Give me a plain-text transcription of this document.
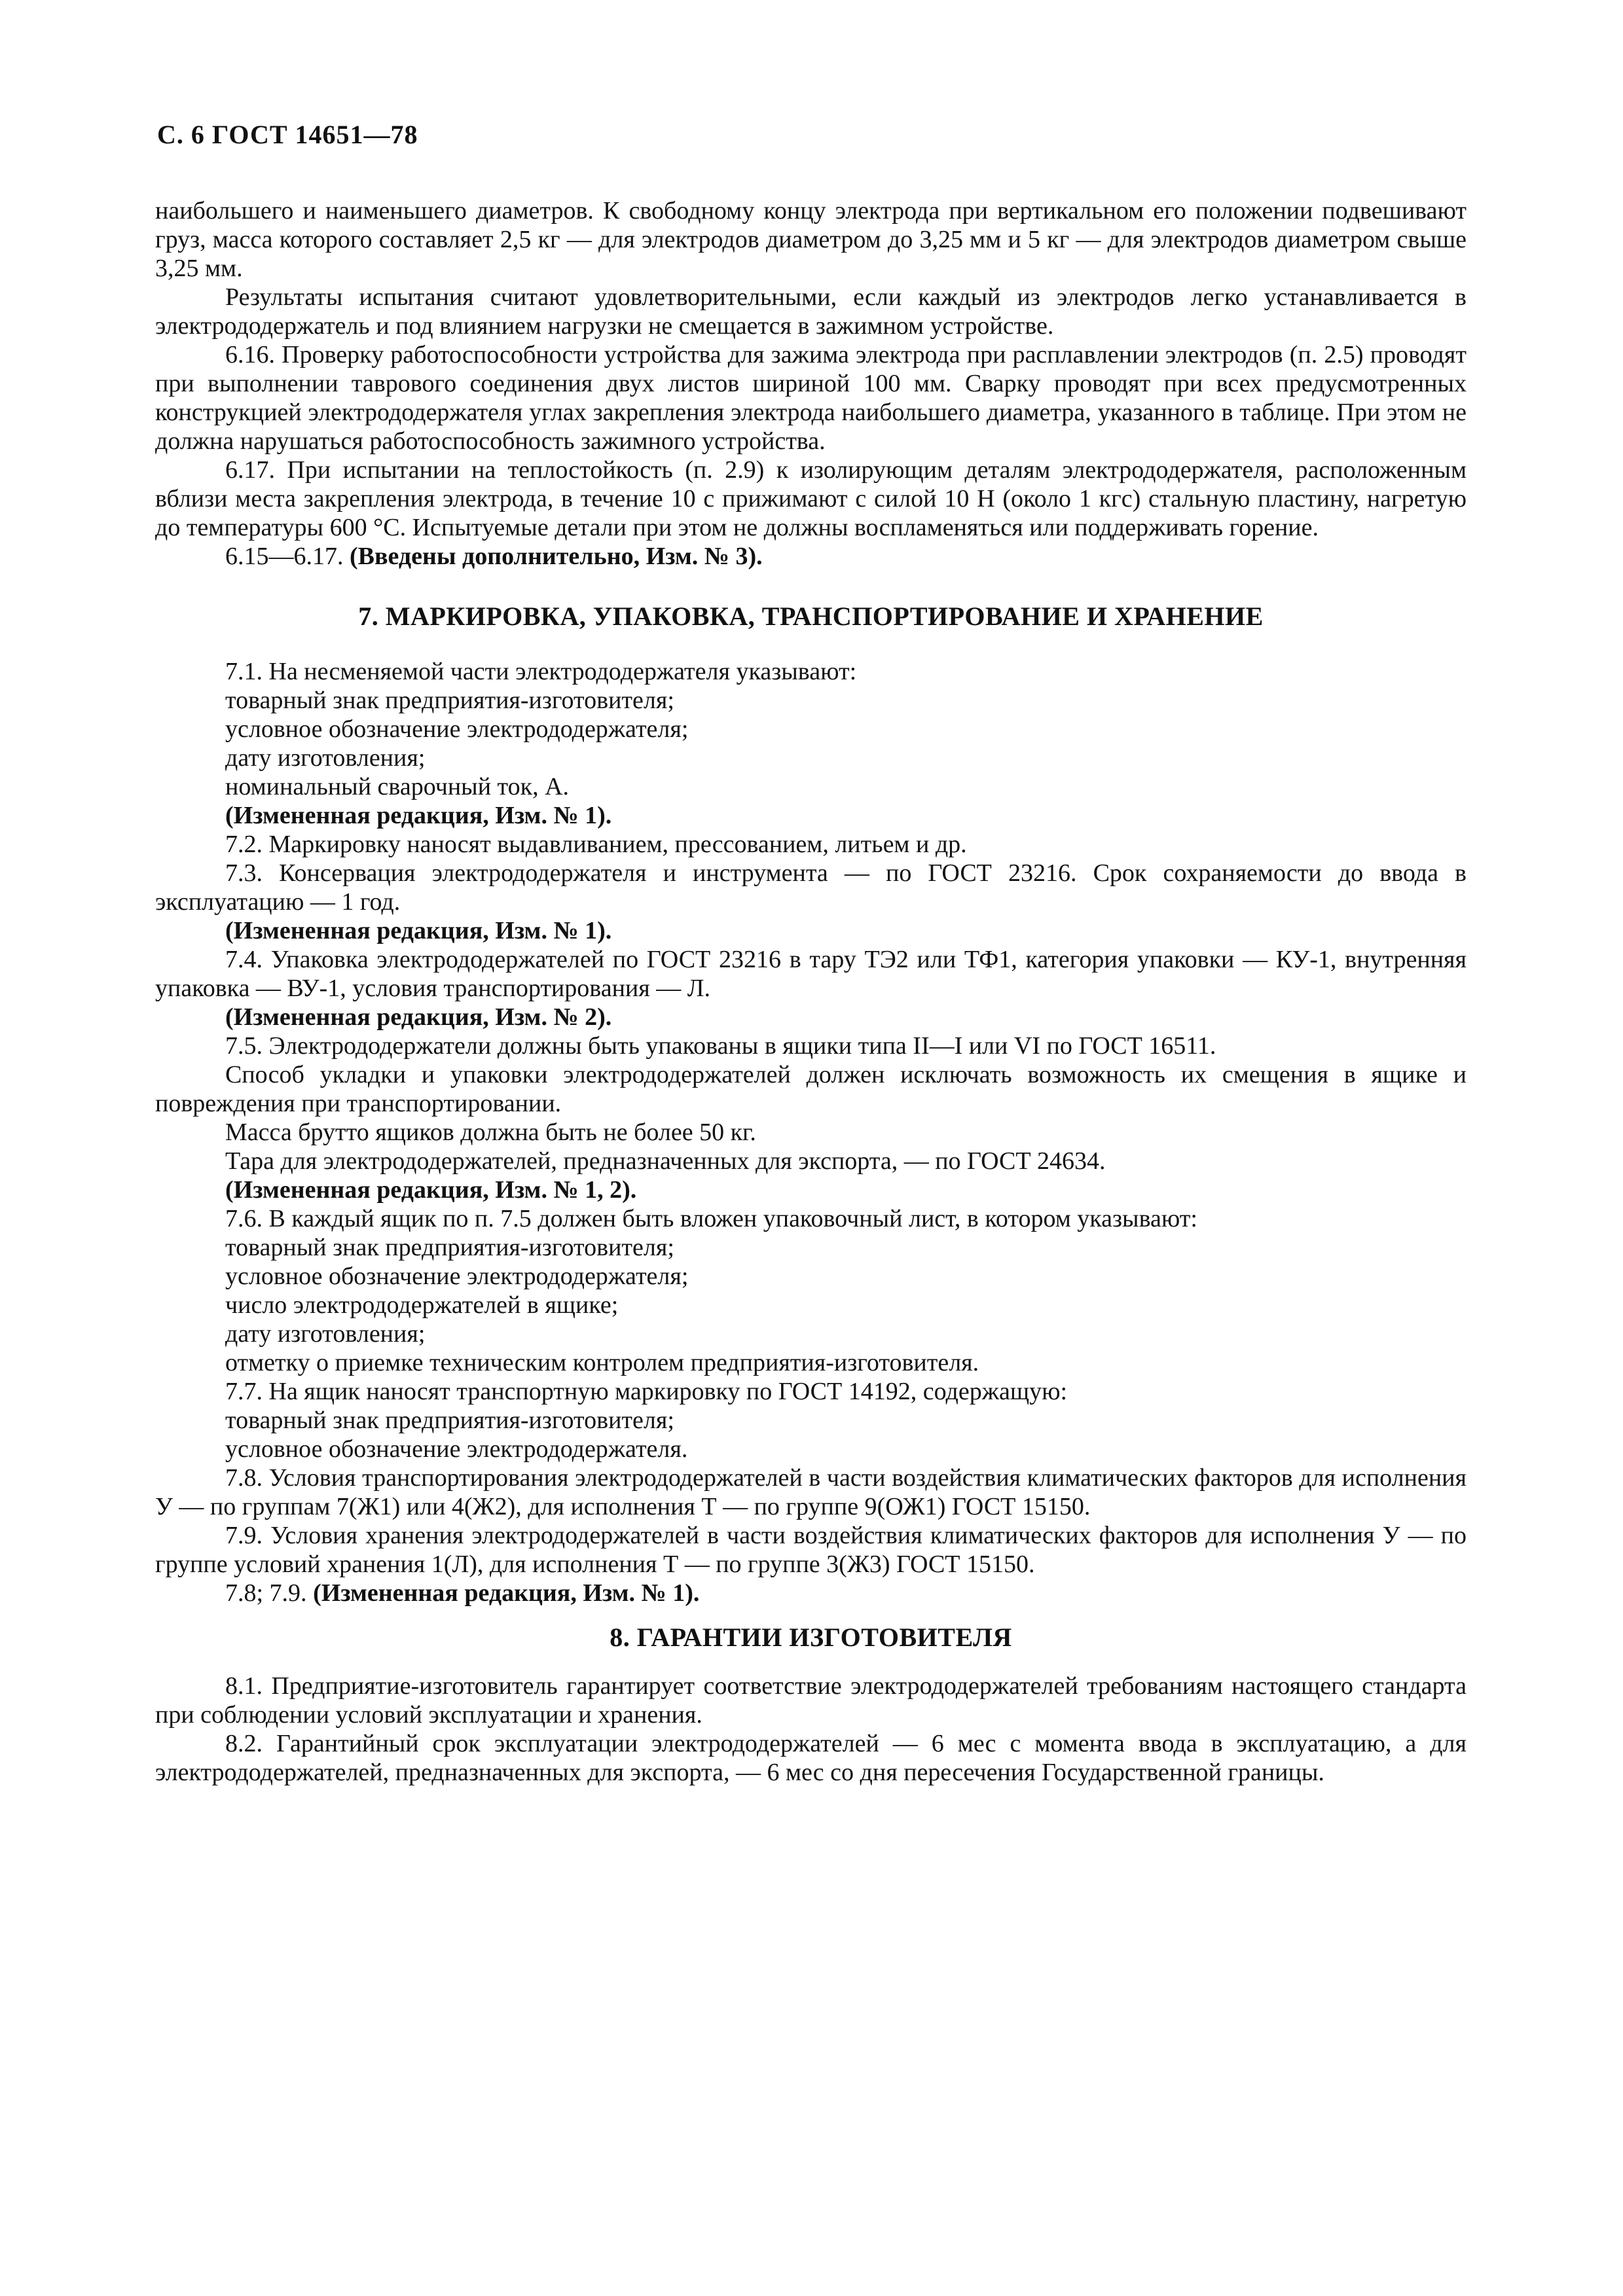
С. 6 ГОСТ 14651—78

наибольшего и наименьшего диаметров. К свободному концу электрода при вертикальном его положении подвешивают груз, масса которого составляет 2,5 кг — для электродов диаметром до 3,25 мм и 5 кг — для электродов диаметром свыше 3,25 мм.

Результаты испытания считают удовлетворительными, если каждый из электродов легко устанавливается в электрододержатель и под влиянием нагрузки не смещается в зажимном устройстве.

6.16. Проверку работоспособности устройства для зажима электрода при расплавлении электродов (п. 2.5) проводят при выполнении таврового соединения двух листов шириной 100 мм. Сварку проводят при всех предусмотренных конструкцией электрододержателя углах закрепления электрода наибольшего диаметра, указанного в таблице. При этом не должна нарушаться работоспособность зажимного устройства.

6.17. При испытании на теплостойкость (п. 2.9) к изолирующим деталям электрододержателя, расположенным вблизи места закрепления электрода, в течение 10 с прижимают с силой 10 Н (около 1 кгс) стальную пластину, нагретую до температуры 600 °С. Испытуемые детали при этом не должны воспламеняться или поддерживать горение.

6.15—6.17. (Введены дополнительно, Изм. № 3).

7. МАРКИРОВКА, УПАКОВКА, ТРАНСПОРТИРОВАНИЕ И ХРАНЕНИЕ

7.1. На несменяемой части электрододержателя указывают:

товарный знак предприятия-изготовителя;

условное обозначение электрододержателя;

дату изготовления;

номинальный сварочный ток, А.

(Измененная редакция, Изм. № 1).

7.2. Маркировку наносят выдавливанием, прессованием, литьем и др.

7.3. Консервация электрододержателя и инструмента — по ГОСТ 23216. Срок сохраняемости до ввода в эксплуатацию — 1 год.

(Измененная редакция, Изм. № 1).

7.4. Упаковка электрододержателей по ГОСТ 23216 в тару ТЭ2 или ТФ1, категория упаковки — КУ-1, внутренняя упаковка — ВУ-1, условия транспортирования — Л.

(Измененная редакция, Изм. № 2).

7.5. Электрододержатели должны быть упакованы в ящики типа II—I или VI по ГОСТ 16511.

Способ укладки и упаковки электрододержателей должен исключать возможность их смещения в ящике и повреждения при транспортировании.

Масса брутто ящиков должна быть не более 50 кг.

Тара для электрододержателей, предназначенных для экспорта, — по ГОСТ 24634.

(Измененная редакция, Изм. № 1, 2).

7.6. В каждый ящик по п. 7.5 должен быть вложен упаковочный лист, в котором указывают:

товарный знак предприятия-изготовителя;

условное обозначение электрододержателя;

число электрододержателей в ящике;

дату изготовления;

отметку о приемке техническим контролем предприятия-изготовителя.

7.7. На ящик наносят транспортную маркировку по ГОСТ 14192, содержащую:

товарный знак предприятия-изготовителя;

условное обозначение электрододержателя.

7.8. Условия транспортирования электрододержателей в части воздействия климатических факторов для исполнения У — по группам 7(Ж1) или 4(Ж2), для исполнения Т — по группе 9(ОЖ1) ГОСТ 15150.

7.9. Условия хранения электрододержателей в части воздействия климатических факторов для исполнения У — по группе условий хранения 1(Л), для исполнения Т — по группе 3(Ж3) ГОСТ 15150.

7.8; 7.9. (Измененная редакция, Изм. № 1).

8. ГАРАНТИИ ИЗГОТОВИТЕЛЯ

8.1. Предприятие-изготовитель гарантирует соответствие электрододержателей требованиям настоящего стандарта при соблюдении условий эксплуатации и хранения.

8.2. Гарантийный срок эксплуатации электрододержателей — 6 мес с момента ввода в эксплуатацию, а для электрододержателей, предназначенных для экспорта, — 6 мес со дня пересечения Государственной границы.
